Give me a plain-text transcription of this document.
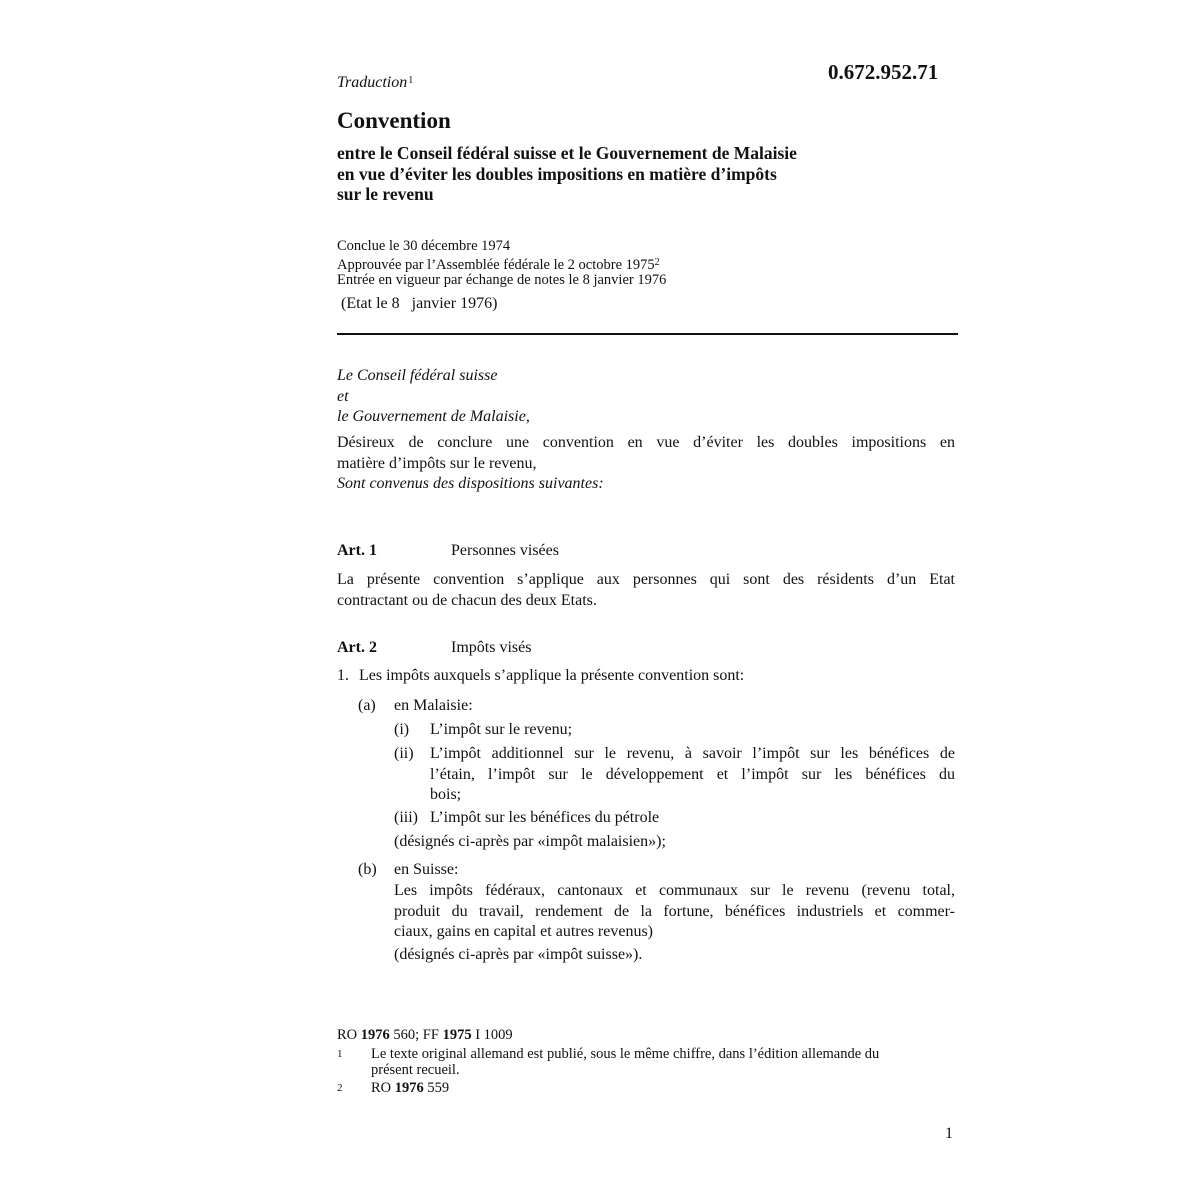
0.672.952.71
Traduction$^1$
Convention
entre le Conseil fédéral suisse et le Gouvernement de Malaisie
en vue d’éviter les doubles impositions en matière d’impôts
sur le revenu
Conclue le 30 décembre 1974
Approuvée par l’Assemblée fédérale le 2 octobre 1975$^2$
Entrée en vigueur par échange de notes le 8 janvier 1976
(Etat le 8   janvier 1976)
Le Conseil fédéral suisse
et
le Gouvernement de Malaisie,
Désireux de conclure une convention en vue d’éviter les doubles impositions en
matière d’impôts sur le revenu,
Sont convenus des dispositions suivantes:
Art. 1	Personnes visées
La présente convention s’applique aux personnes qui sont des résidents d’un Etat
contractant ou de chacun des deux Etats.
Art. 2	Impôts visés
1. Les impôts auxquels s’applique la présente convention sont:
(a) en Malaisie:
(i) L’impôt sur le revenu;
(ii) L’impôt additionnel sur le revenu, à savoir l’impôt sur les bénéfices de
l’étain, l’impôt sur le développement et l’impôt sur les bénéfices du
bois;
(iii) L’impôt sur les bénéfices du pétrole
(désignés ci-après par «impôt malaisien»);
(b) en Suisse:
Les impôts fédéraux, cantonaux et communaux sur le revenu (revenu total,
produit du travail, rendement de la fortune, bénéfices industriels et commer-
ciaux, gains en capital et autres revenus)
(désignés ci-après par «impôt suisse»).
RO 1976 560; FF 1975 I 1009
1 Le texte original allemand est publié, sous le même chiffre, dans l’édition allemande du
présent recueil.
2 RO 1976 559
1
